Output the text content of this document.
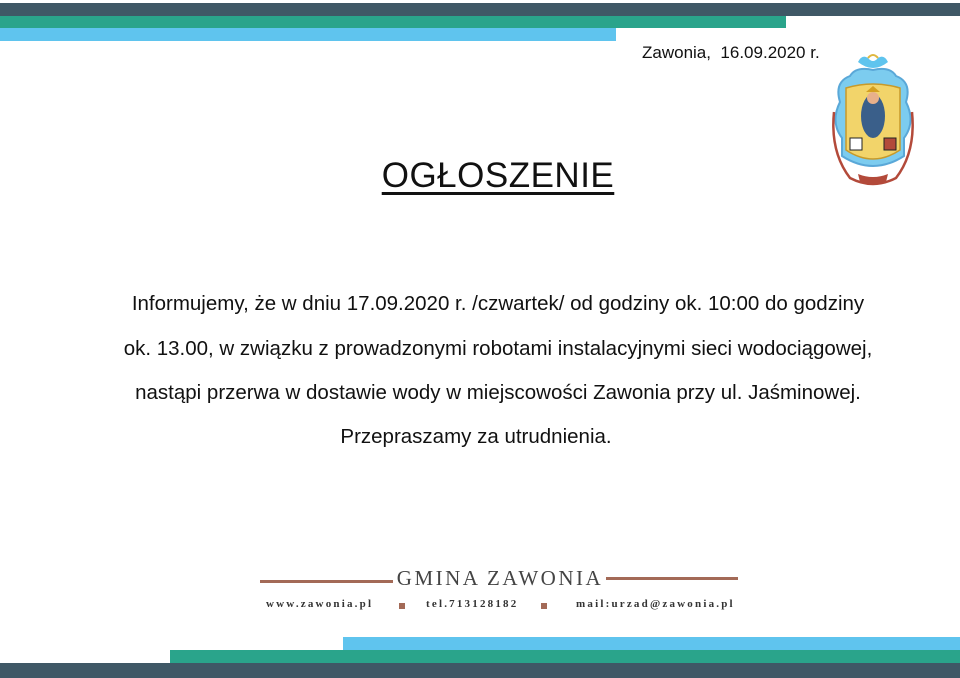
Zawonia,  16.09.2020 r.
OGŁOSZENIE

Informujemy, że w dniu 17.09.2020 r. /czwartek/ od godziny ok. 10:00 do godziny

ok. 13.00, w związku z prowadzonymi robotami instalacyjnymi sieci wodociągowej,

nastąpi przerwa w dostawie wody w miejscowości Zawonia przy ul. Jaśminowej.

Przepraszamy za utrudnienia.
GMINA ZAWONIA
www.zawonia.pl	tel.713128182	mail:urzad@zawonia.pl
